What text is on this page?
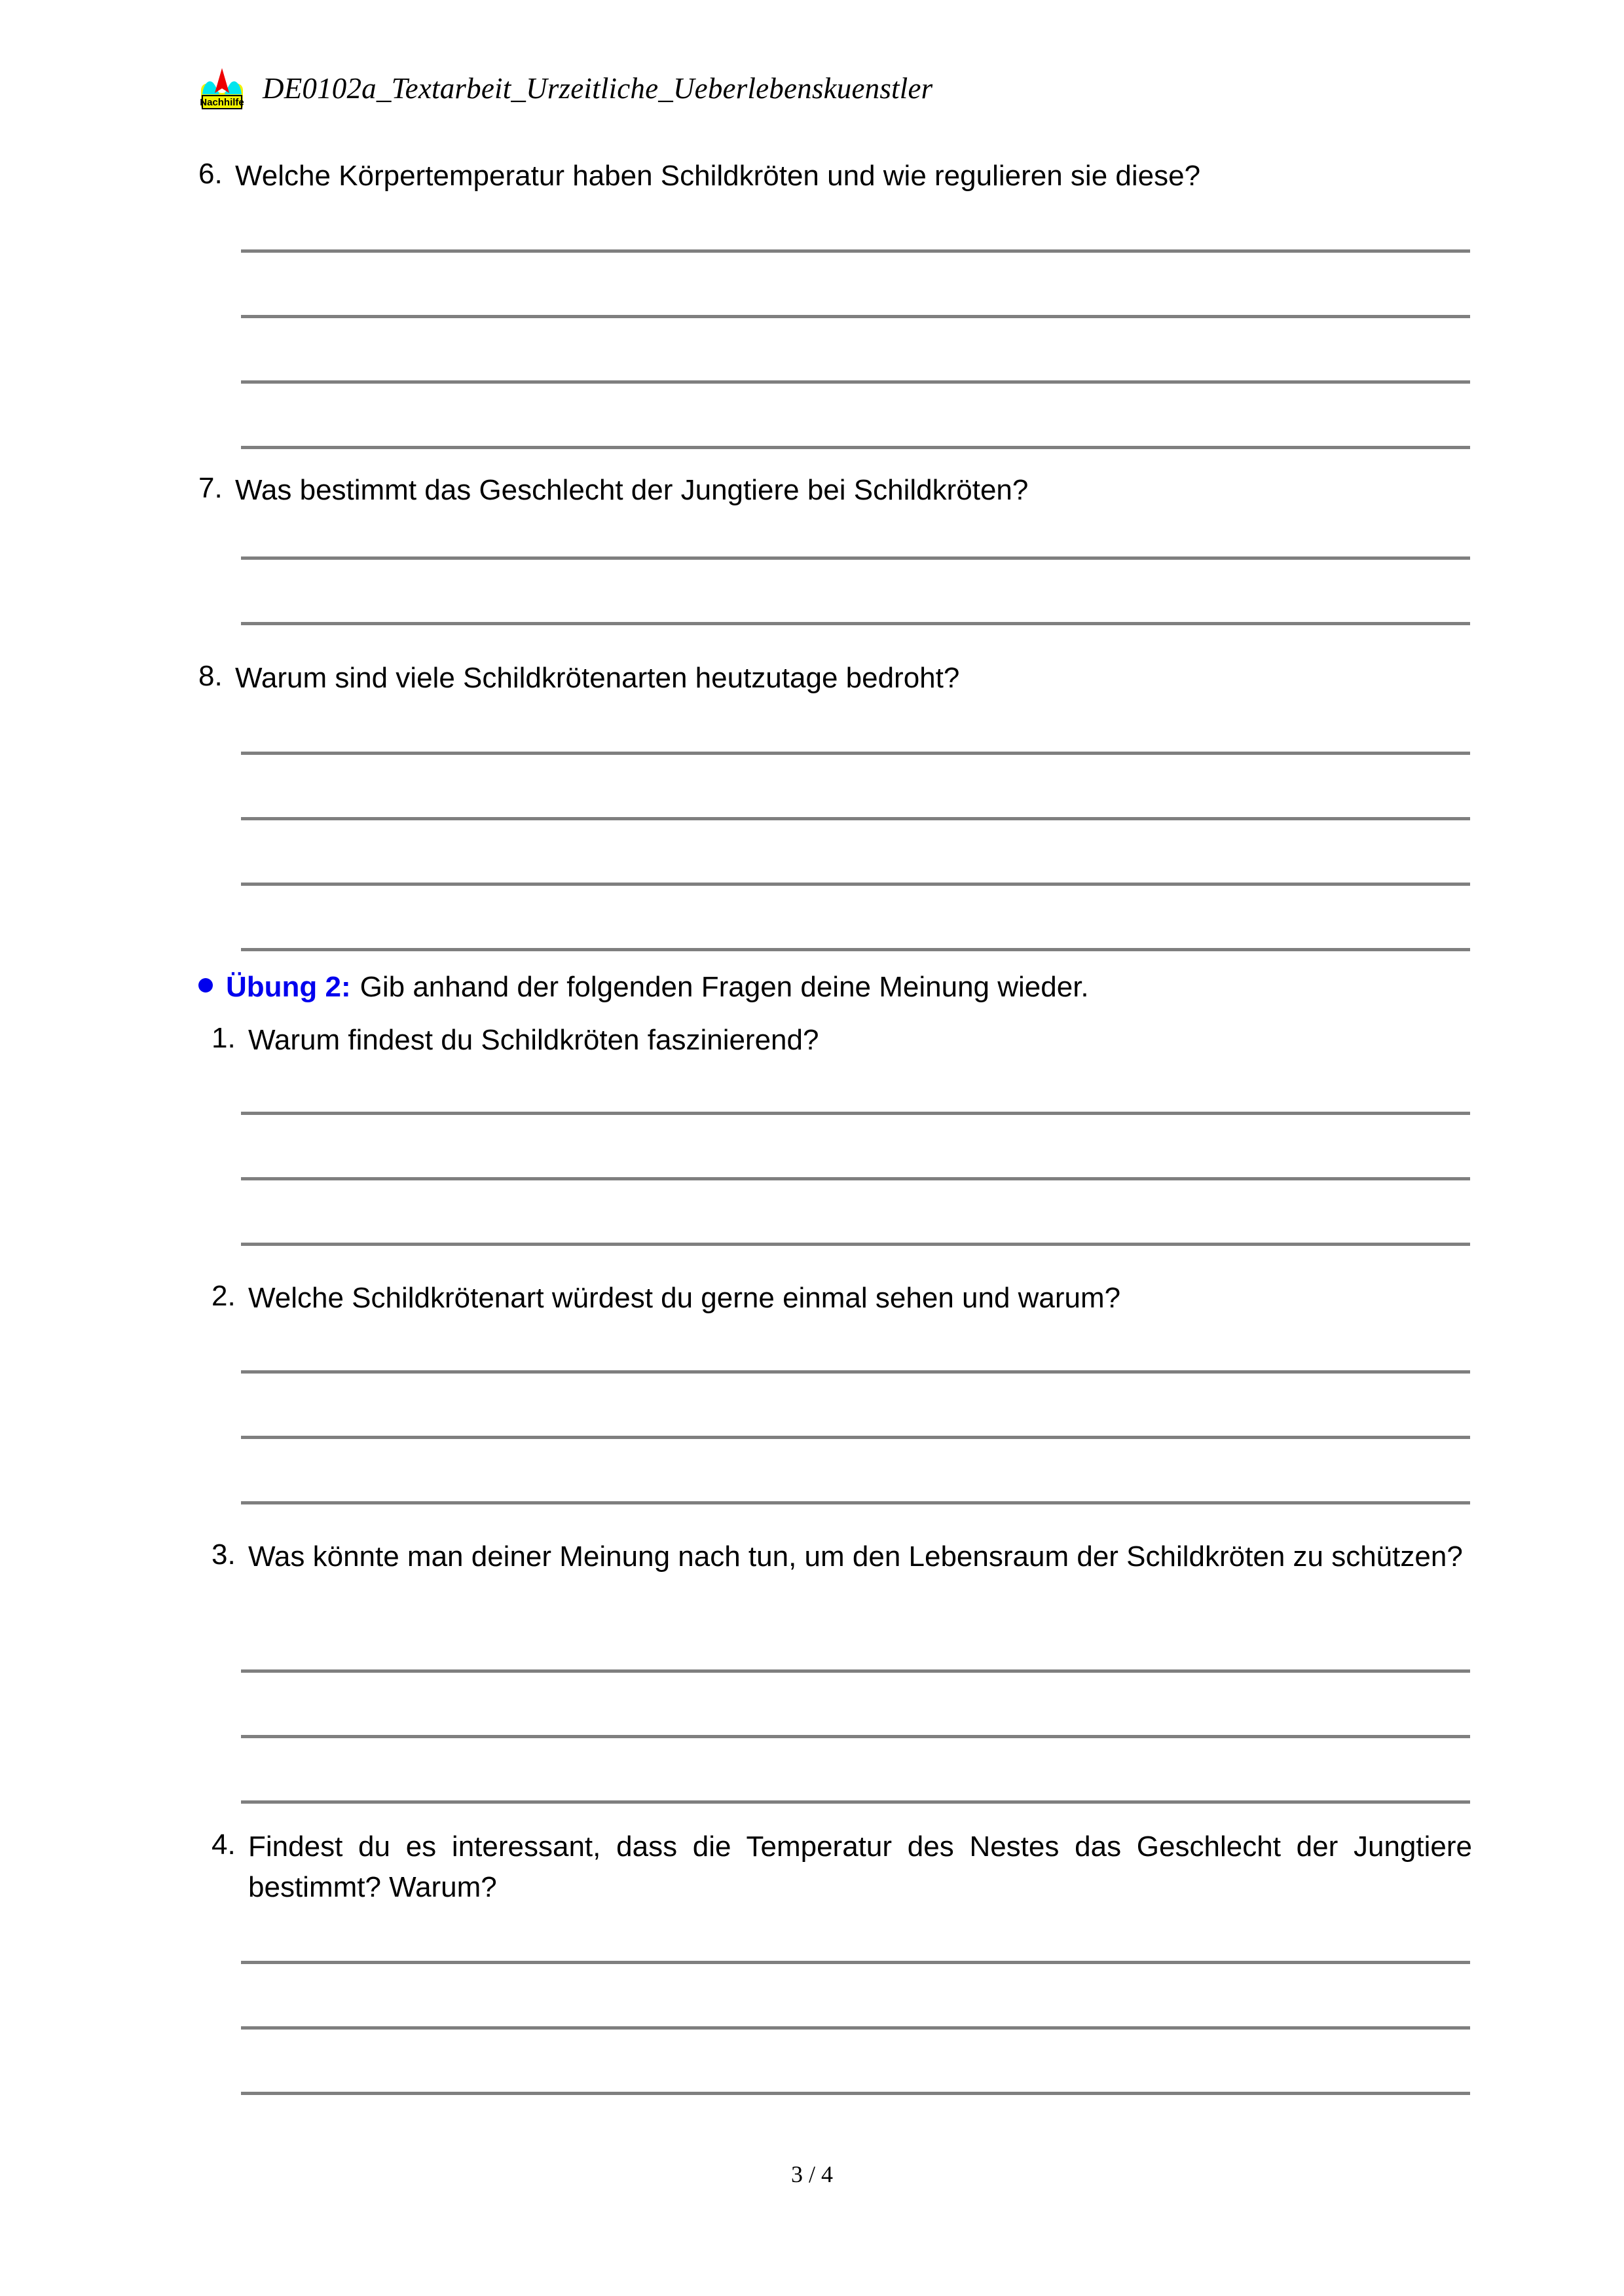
Nachhilfe DE0102a_Textarbeit_Urzeitliche_Ueberlebenskuenstler
6. Welche Körpertemperatur haben Schildkröten und wie regulieren sie diese?
7. Was bestimmt das Geschlecht der Jungtiere bei Schildkröten?
8. Warum sind viele Schildkrötenarten heutzutage bedroht?
Übung 2: Gib anhand der folgenden Fragen deine Meinung wieder.
1. Warum findest du Schildkröten faszinierend?
2. Welche Schildkrötenart würdest du gerne einmal sehen und warum?
3. Was könnte man deiner Meinung nach tun, um den Lebensraum der Schildkröten zu schützen?
4. Findest du es interessant, dass die Temperatur des Nestes das Geschlecht der Jungtiere bestimmt? Warum?
3 / 4
